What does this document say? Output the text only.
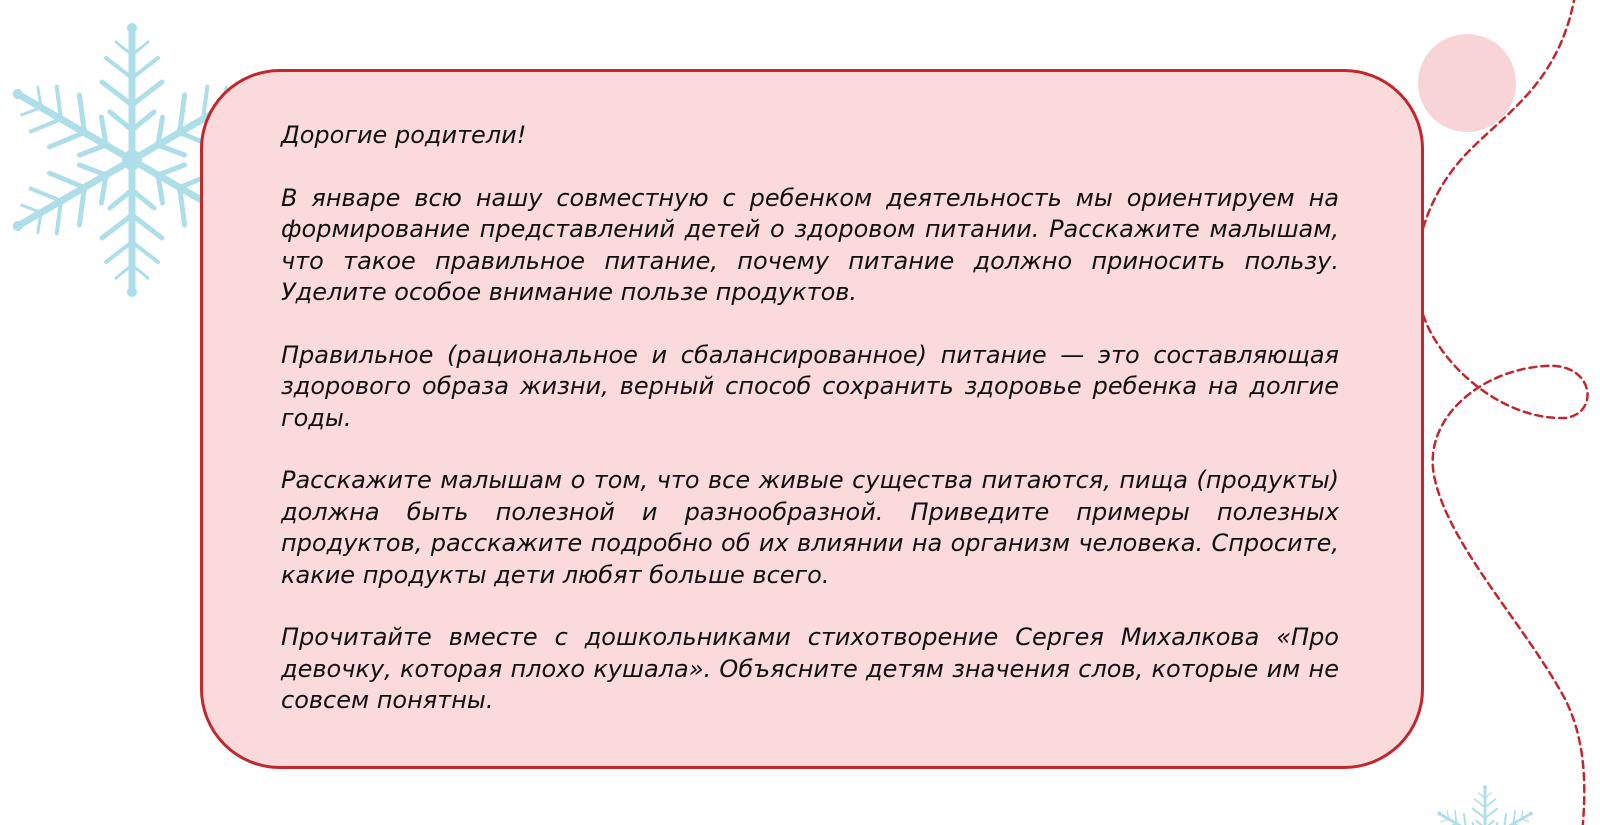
Дорогие родители!

В январе всю нашу совместную с ребенком деятельность мы ориентируем на формирование представлений детей о здоровом питании. Расскажите малышам, что такое правильное питание, почему питание должно приносить пользу. Уделите особое внимание пользе продуктов.

Правильное (рациональное и сбалансированное) питание — это составляющая здорового образа жизни, верный способ сохранить здоровье ребенка на долгие годы.

Расскажите малышам о том, что все живые существа питаются, пища (продукты) должна быть полезной и разнообразной. Приведите примеры полезных продуктов, расскажите подробно об их влиянии на организм человека. Спросите, какие продукты дети любят больше всего.

Прочитайте вместе с дошкольниками стихотворение Сергея Михалкова «Про девочку, которая плохо кушала». Объясните детям значения слов, которые им не совсем понятны.
